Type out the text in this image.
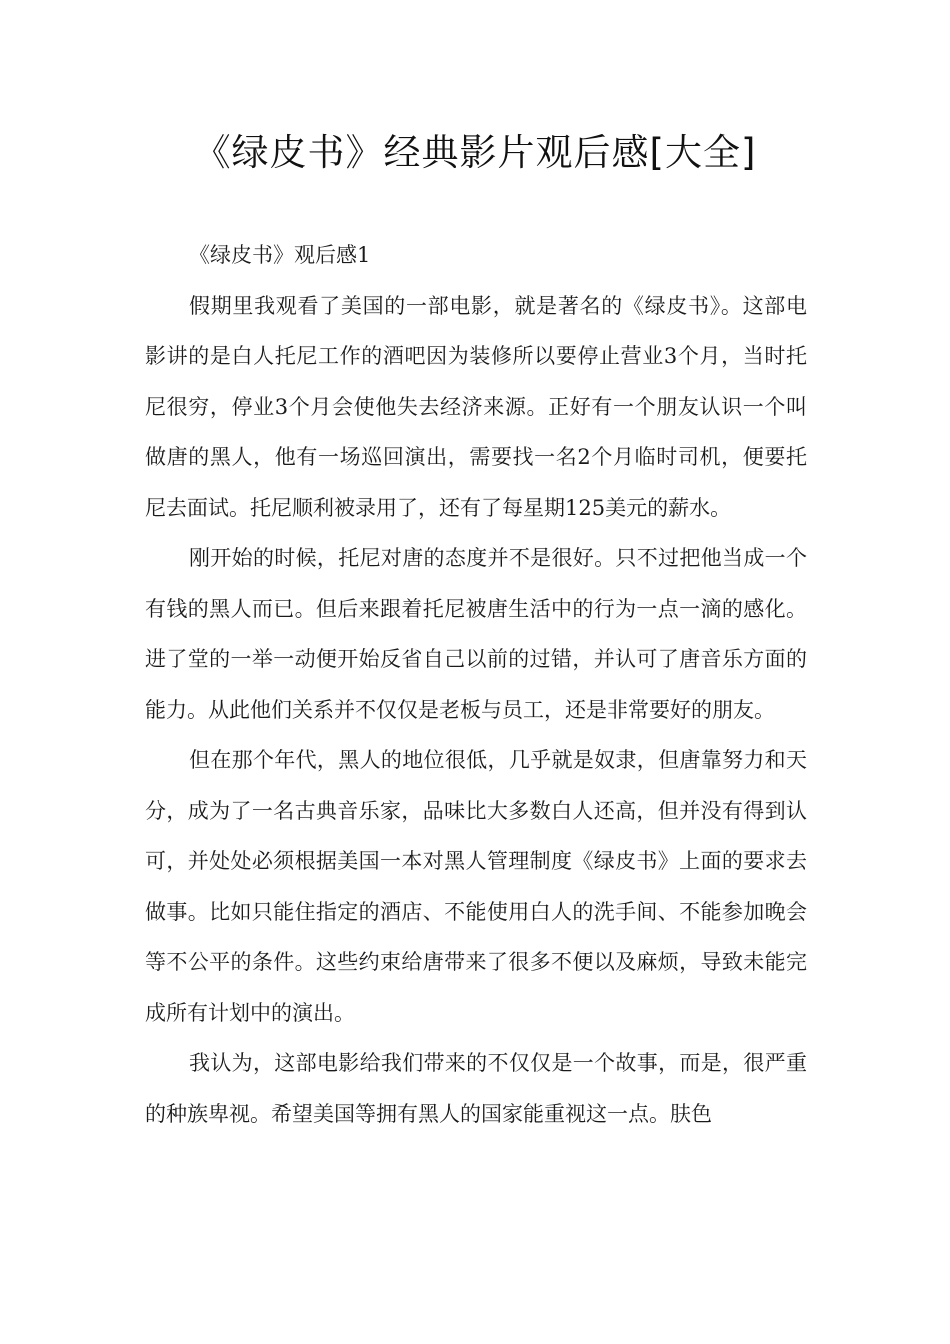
《绿皮书》经典影片观后感[大全]

《绿皮书》观后感1

假期里我观看了美国的一部电影，就是著名的《绿皮书》。这部电影讲的是白人托尼工作的酒吧因为装修所以要停止营业3个月，当时托尼很穷，停业3个月会使他失去经济来源。正好有一个朋友认识一个叫做唐的黑人，他有一场巡回演出，需要找一名2个月临时司机，便要托尼去面试。托尼顺利被录用了，还有了每星期125美元的薪水。

刚开始的时候，托尼对唐的态度并不是很好。只不过把他当成一个有钱的黑人而已。但后来跟着托尼被唐生活中的行为一点一滴的感化。进了堂的一举一动便开始反省自己以前的过错，并认可了唐音乐方面的能力。从此他们关系并不仅仅是老板与员工，还是非常要好的朋友。

但在那个年代，黑人的地位很低，几乎就是奴隶，但唐靠努力和天分，成为了一名古典音乐家，品味比大多数白人还高，但并没有得到认可，并处处必须根据美国一本对黑人管理制度《绿皮书》上面的要求去做事。比如只能住指定的酒店、不能使用白人的洗手间、不能参加晚会等不公平的条件。这些约束给唐带来了很多不便以及麻烦，导致未能完成所有计划中的演出。

我认为，这部电影给我们带来的不仅仅是一个故事，而是，很严重的种族卑视。希望美国等拥有黑人的国家能重视这一点。肤色
